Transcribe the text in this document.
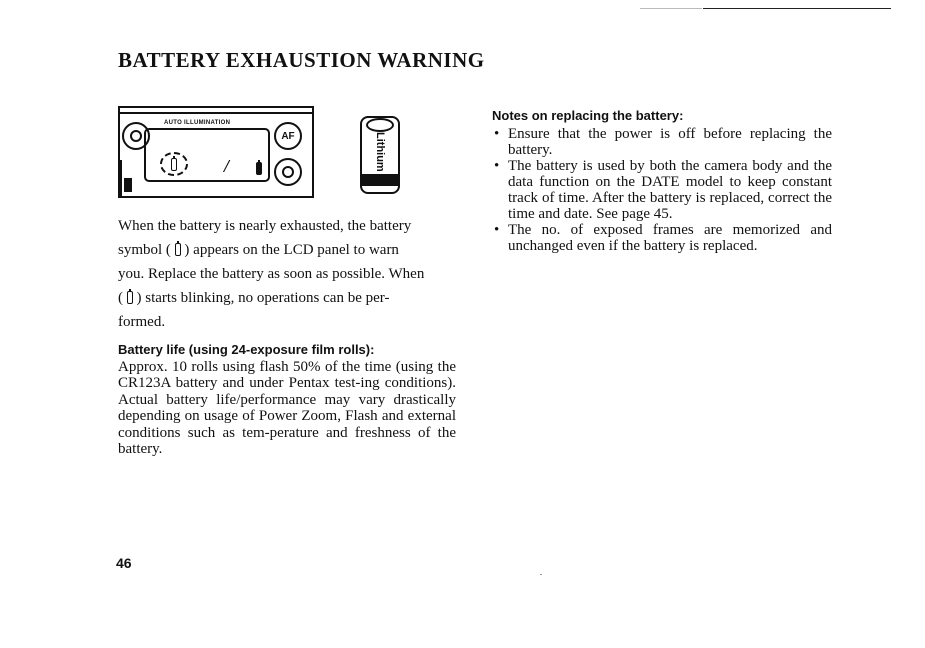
BATTERY EXHAUSTION WARNING
AUTO ILLUMINATION
AF
/	Lithium
When the battery is nearly exhausted, the battery
symbol ( ) appears on the LCD panel to warn
you. Replace the battery as soon as possible. When
( ) starts blinking, no operations can be per-
formed.
Battery life (using 24-exposure film rolls):

Approx. 10 rolls using flash 50% of the time (using the CR123A battery and under Pentax test-ing conditions). Actual battery life/performance may vary drastically depending on usage of Power Zoom, Flash and external conditions such as tem-perature and freshness of the battery.

Notes on replacing the battery:
• Ensure that the power is off before replacing the battery.
• The battery is used by both the camera body and the data function on the DATE model to keep constant track of time. After the battery is replaced, correct the time and date. See page 45.
• The no. of exposed frames are memorized and unchanged even if the battery is replaced.
46
